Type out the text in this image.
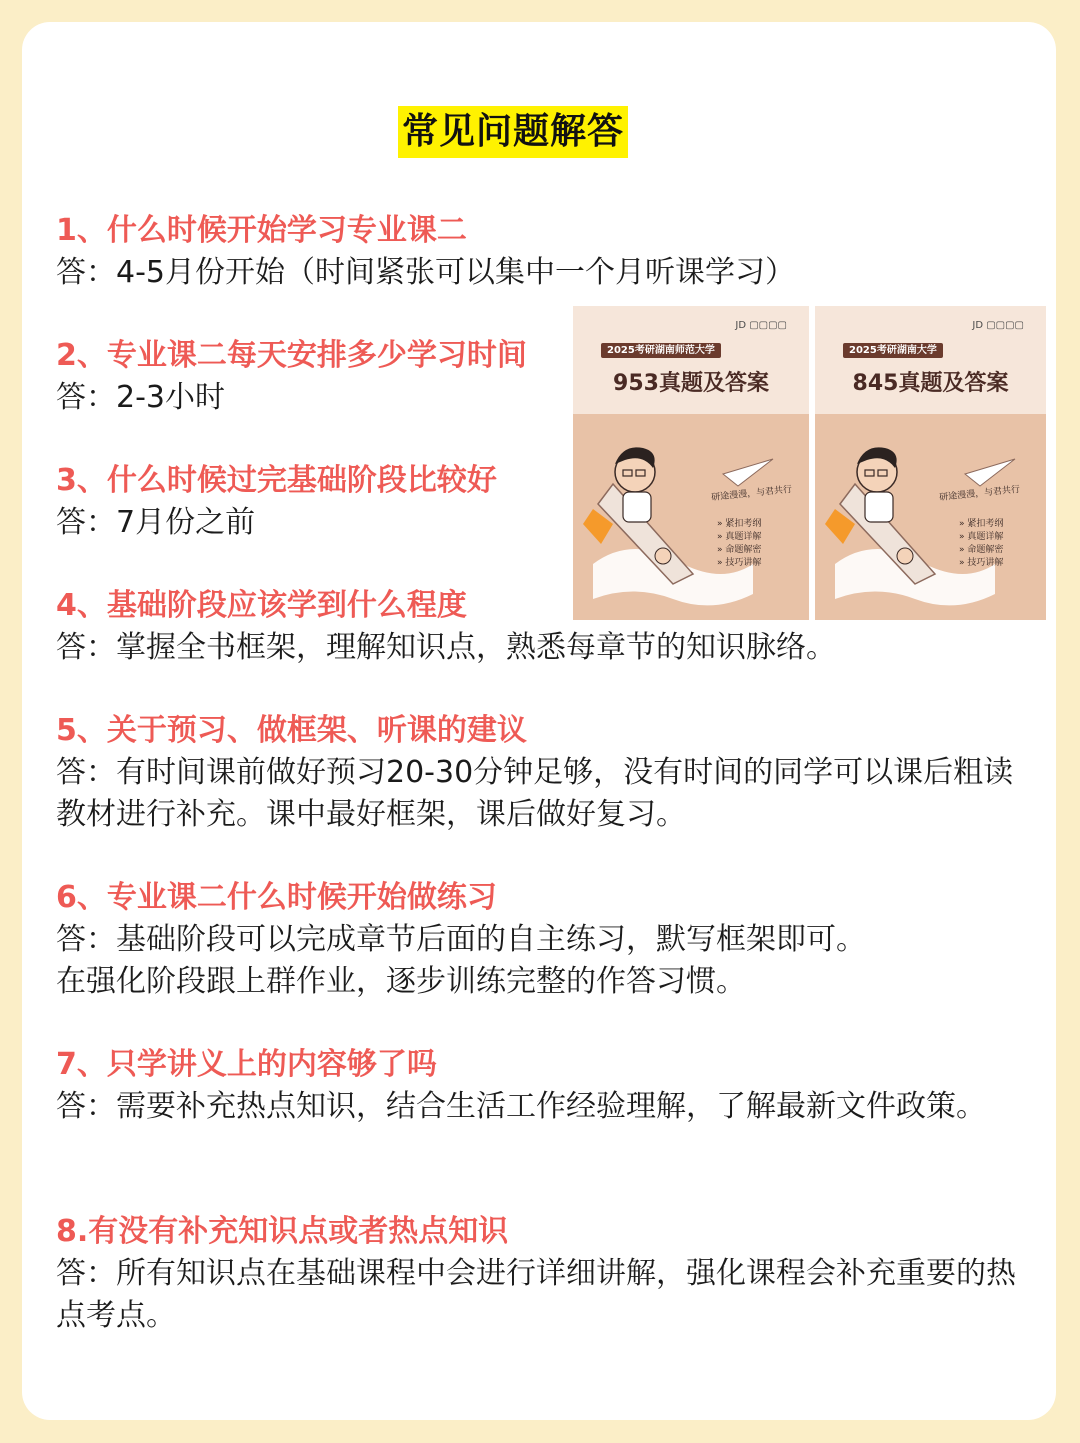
常见问题解答
1、什么时候开始学习专业课二
答：4-5月份开始（时间紧张可以集中一个月听课学习）
2、专业课二每天安排多少学习时间
答：2-3小时
3、什么时候过完基础阶段比较好
答：7月份之前
4、基础阶段应该学到什么程度
答：掌握全书框架，理解知识点，熟悉每章节的知识脉络。
5、关于预习、做框架、听课的建议
答：有时间课前做好预习20-30分钟足够，没有时间的同学可以课后粗读教材进行补充。课中最好框架，课后做好复习。
6、专业课二什么时候开始做练习
答：基础阶段可以完成章节后面的自主练习，默写框架即可。
在强化阶段跟上群作业，逐步训练完整的作答习惯。
7、只学讲义上的内容够了吗
答：需要补充热点知识，结合生活工作经验理解，了解最新文件政策。
8.有没有补充知识点或者热点知识
答：所有知识点在基础课程中会进行详细讲解，强化课程会补充重要的热点考点。
JD ▢▢▢▢
2025考研湖南师范大学
953真题及答案
研途漫漫，与君共行
» 紧扣考纲
» 真题详解
» 命题解密
» 技巧讲解
JD ▢▢▢▢
2025考研湖南大学
845真题及答案
研途漫漫，与君共行
» 紧扣考纲
» 真题详解
» 命题解密
» 技巧讲解
